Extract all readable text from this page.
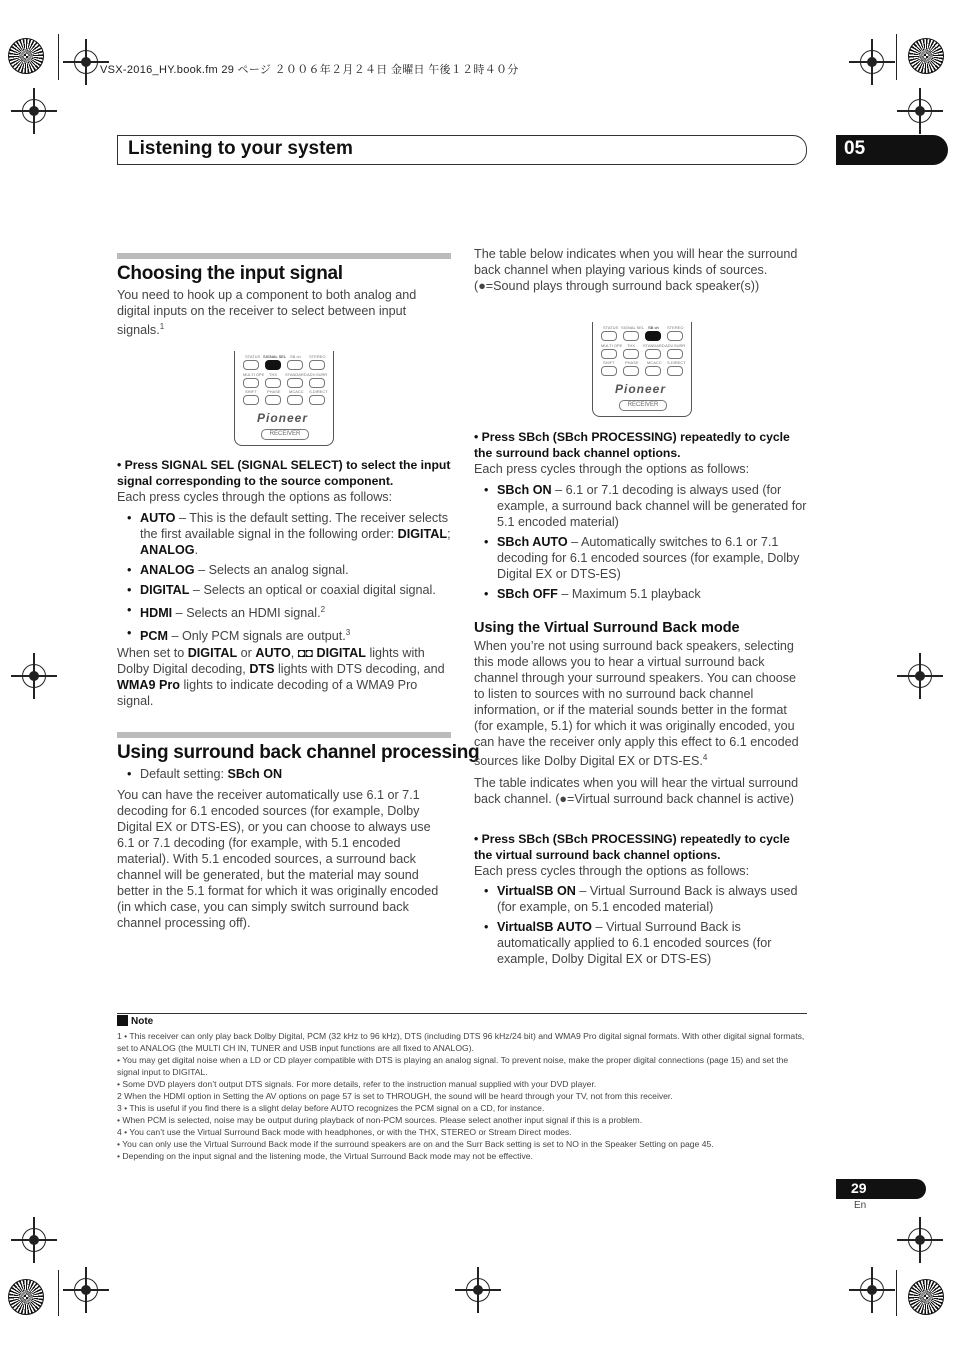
VSX-2016_HY.book.fm 29 ページ ２００６年２月２４日 金曜日 午後１２時４０分
Listening to your system	05
Choosing the input signal

You need to hook up a component to both analog and digital inputs on the receiver to select between input signals.$^1$

STATUS SIGNAL SEL SB ch STEREO
MULTI OPE THX STANDARD ADV.SURR
SHIFT	PHASE MCACC S.DIRECT
Pioneer
RECEIVER

• Press SIGNAL SEL (SIGNAL SELECT) to select the input signal corresponding to the source component.

Each press cycles through the options as follows:

• AUTO – This is the default setting. The receiver selects the first available signal in the following order: DIGITAL; ANALOG.
• ANALOG – Selects an analog signal.
• DIGITAL – Selects an optical or coaxial digital signal.
• HDMI – Selects an HDMI signal.$^2$
• PCM – Only PCM signals are output.$^3$

When set to DIGITAL or AUTO, ◘◘ DIGITAL lights with Dolby Digital decoding, DTS lights with DTS decoding, and WMA9 Pro lights to indicate decoding of a WMA9 Pro signal.

Using surround back channel processing
• Default setting: SBch ON

You can have the receiver automatically use 6.1 or 7.1 decoding for 6.1 encoded sources (for example, Dolby Digital EX or DTS-ES), or you can choose to always use 6.1 or 7.1 decoding (for example, with 5.1 encoded material). With 5.1 encoded sources, a surround back channel will be generated, but the material may sound better in the 5.1 format for which it was originally encoded (in which case, you can simply switch surround back channel processing off).

The table below indicates when you will hear the surround back channel when playing various kinds of sources. (●=Sound plays through surround back speaker(s))

STATUS SIGNAL SEL SB ch STEREO
MULTI OPE THX STANDARD ADV.SURR
SHIFT	PHASE MCACC S.DIRECT
Pioneer
RECEIVER

• Press SBch (SBch PROCESSING) repeatedly to cycle the surround back channel options.

Each press cycles through the options as follows:

• SBch ON – 6.1 or 7.1 decoding is always used (for example, a surround back channel will be generated for 5.1 encoded material)
• SBch AUTO – Automatically switches to 6.1 or 7.1 decoding for 6.1 encoded sources (for example, Dolby Digital EX or DTS-ES)
• SBch OFF – Maximum 5.1 playback
Using the Virtual Surround Back mode

When you’re not using surround back speakers, selecting this mode allows you to hear a virtual surround back channel through your surround speakers. You can choose to listen to sources with no surround back channel information, or if the material sounds better in the format (for example, 5.1) for which it was originally encoded, you can have the receiver only apply this effect to 6.1 encoded sources like Dolby Digital EX or DTS-ES.$^4$

The table indicates when you will hear the virtual surround back channel. (●=Virtual surround back channel is active)

• Press SBch (SBch PROCESSING) repeatedly to cycle the virtual surround back channel options.

Each press cycles through the options as follows:

• VirtualSB ON – Virtual Surround Back is always used (for example, on 5.1 encoded material)
• VirtualSB AUTO – Virtual Surround Back is automatically applied to 6.1 encoded sources (for example, Dolby Digital EX or DTS-ES)
Note
1 • This receiver can only play back Dolby Digital, PCM (32 kHz to 96 kHz), DTS (including DTS 96 kHz/24 bit) and WMA9 Pro digital signal formats. With other digital signal formats, set to ANALOG (the MULTI CH IN, TUNER and USB input functions are all fixed to ANALOG).
• You may get digital noise when a LD or CD player compatible with DTS is playing an analog signal. To prevent noise, make the proper digital connections (page 15) and set the signal input to DIGITAL.
• Some DVD players don’t output DTS signals. For more details, refer to the instruction manual supplied with your DVD player.
2 When the HDMI option in Setting the AV options on page 57 is set to THROUGH, the sound will be heard through your TV, not from this receiver.
3 • This is useful if you find there is a slight delay before AUTO recognizes the PCM signal on a CD, for instance.
• When PCM is selected, noise may be output during playback of non-PCM sources. Please select another input signal if this is a problem.
4 • You can’t use the Virtual Surround Back mode with headphones, or with the THX, STEREO or Stream Direct modes.
• You can only use the Virtual Surround Back mode if the surround speakers are on and the Surr Back setting is set to NO in the Speaker Setting on page 45.
• Depending on the input signal and the listening mode, the Virtual Surround Back mode may not be effective.
29
En
